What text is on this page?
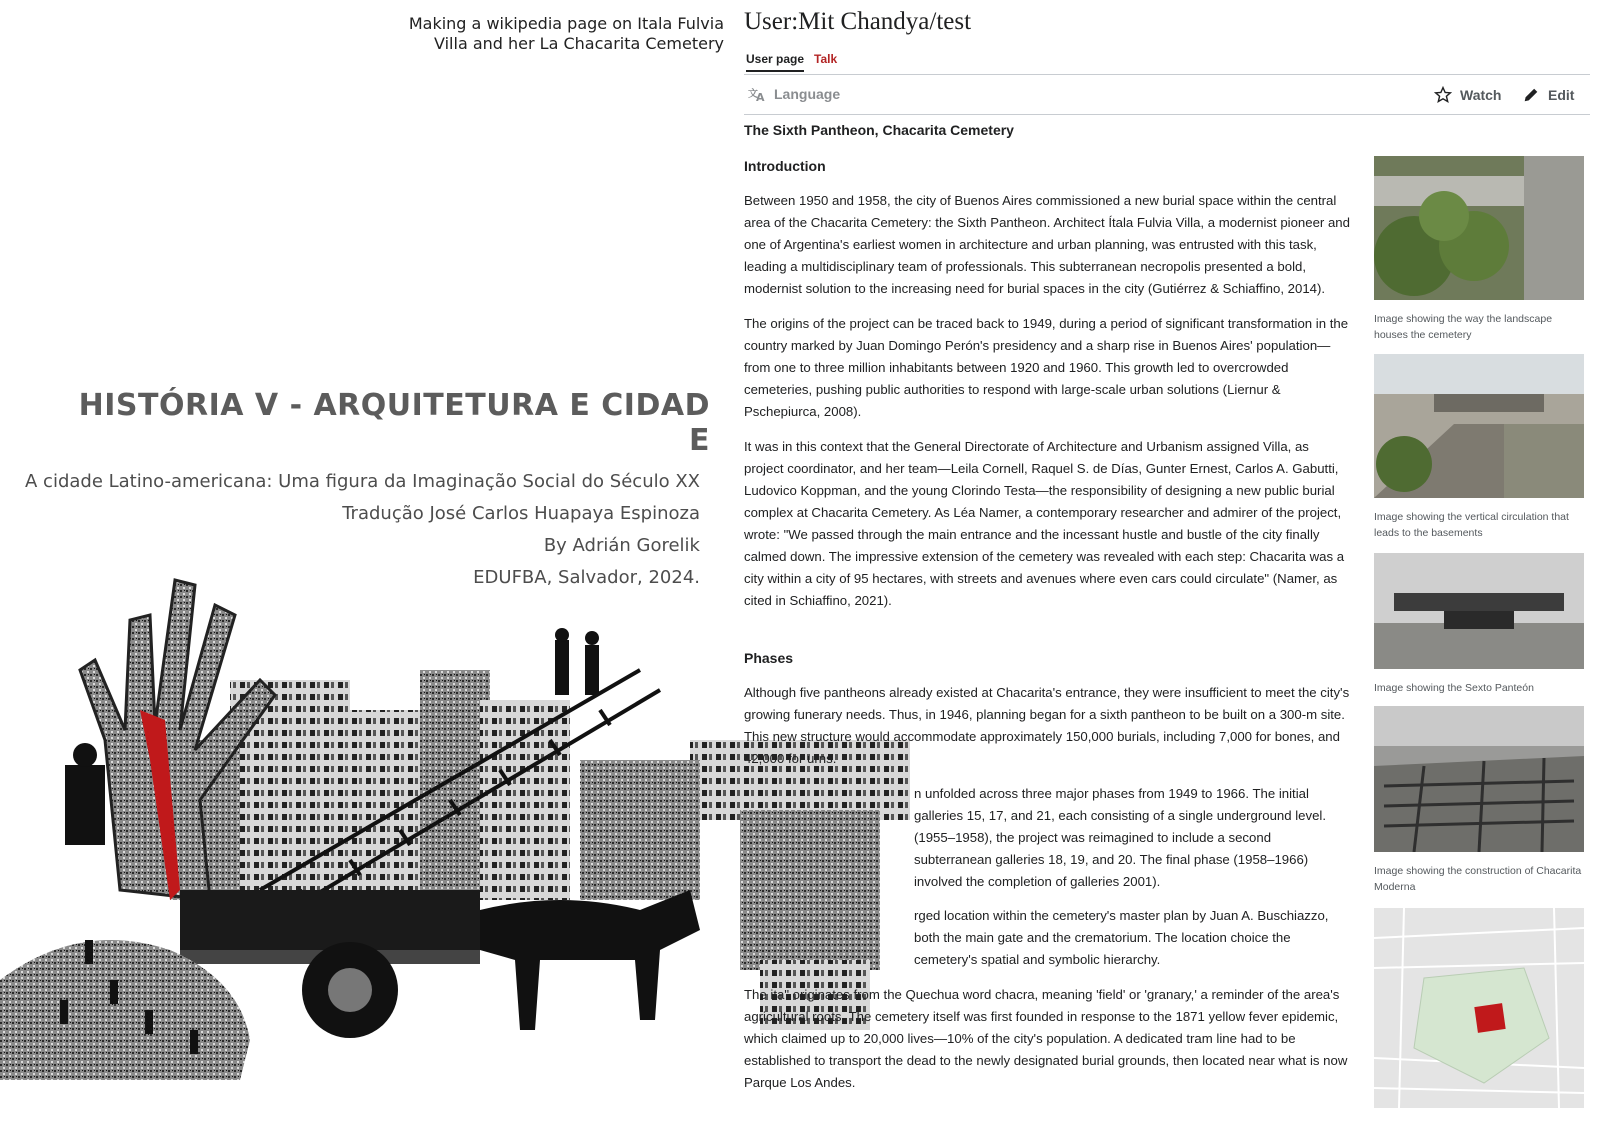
Making a wikipedia page on Itala Fulvia Villa and her La Chacarita Cemetery
HISTÓRIA V - ARQUITETURA E CIDAD E
A cidade Latino-americana: Uma figura da Imaginação Social do Século XX
Tradução José Carlos Huapaya Espinoza
By Adrián Gorelik
EDUFBA, Salvador, 2024.
User:Mit Chandya/test
User page Talk
文
A Language	Watch	Edit
The Sixth Pantheon, Chacarita Cemetery
Introduction
Between 1950 and 1958, the city of Buenos Aires commissioned a new burial space within the central area of the Chacarita Cemetery: the Sixth Pantheon. Architect Ítala Fulvia Villa, a modernist pioneer and one of Argentina's earliest women in architecture and urban planning, was entrusted with this task, leading a multidisciplinary team of professionals. This subterranean necropolis presented a bold, modernist solution to the increasing need for burial spaces in the city (Gutiérrez & Schiaffino, 2014).
The origins of the project can be traced back to 1949, during a period of significant transformation in the country marked by Juan Domingo Perón's presidency and a sharp rise in Buenos Aires' population—from one to three million inhabitants between 1920 and 1960. This growth led to overcrowded cemeteries, pushing public authorities to respond with large-scale urban solutions (Liernur & Pschepiurca, 2008).
It was in this context that the General Directorate of Architecture and Urbanism assigned Villa, as project coordinator, and her team—Leila Cornell, Raquel S. de Días, Gunter Ernest, Carlos A. Gabutti, Ludovico Koppman, and the young Clorindo Testa—the responsibility of designing a new public burial complex at Chacarita Cemetery. As Léa Namer, a contemporary researcher and admirer of the project, wrote: "We passed through the main entrance and the incessant hustle and bustle of the city finally calmed down. The impressive extension of the cemetery was revealed with each step: Chacarita was a city within a city of 95 hectares, with streets and avenues where even cars could circulate" (Namer, as cited in Schiaffino, 2021).
Phases
Although five pantheons already existed at Chacarita's entrance, they were insufficient to meet the city's growing funerary needs. Thus, in 1946, planning began for a sixth pantheon to be built on a 300-m site. This new structure would accommodate approximately 150,000 burials, including 7,000 for bones, and 42,000 for urns.
n unfolded across three major phases from 1949 to 1966. The initial galleries 15, 17, and 21, each consisting of a single underground level. (1955–1958), the project was reimagined to include a second subterranean galleries 18, 19, and 20. The final phase (1958–1966) involved the completion of galleries 2001).
rged location within the cemetery's master plan by Juan A. Buschiazzo, both the main gate and the crematorium. The location choice the cemetery's spatial and symbolic hierarchy.
The ita" originates from the Quechua word chacra, meaning 'field' or 'granary,' a reminder of the area's agricultural roots. The cemetery itself was first founded in response to the 1871 yellow fever epidemic, which claimed up to 20,000 lives—10% of the city's population. A dedicated tram line had to be established to transport the dead to the newly designated burial grounds, then located near what is now Parque Los Andes.
Image showing the way the landscape houses the cemetery
Image showing the vertical circulation that leads to the basements
Image showing the Sexto Panteón
Image showing the construction of Chacarita Moderna
